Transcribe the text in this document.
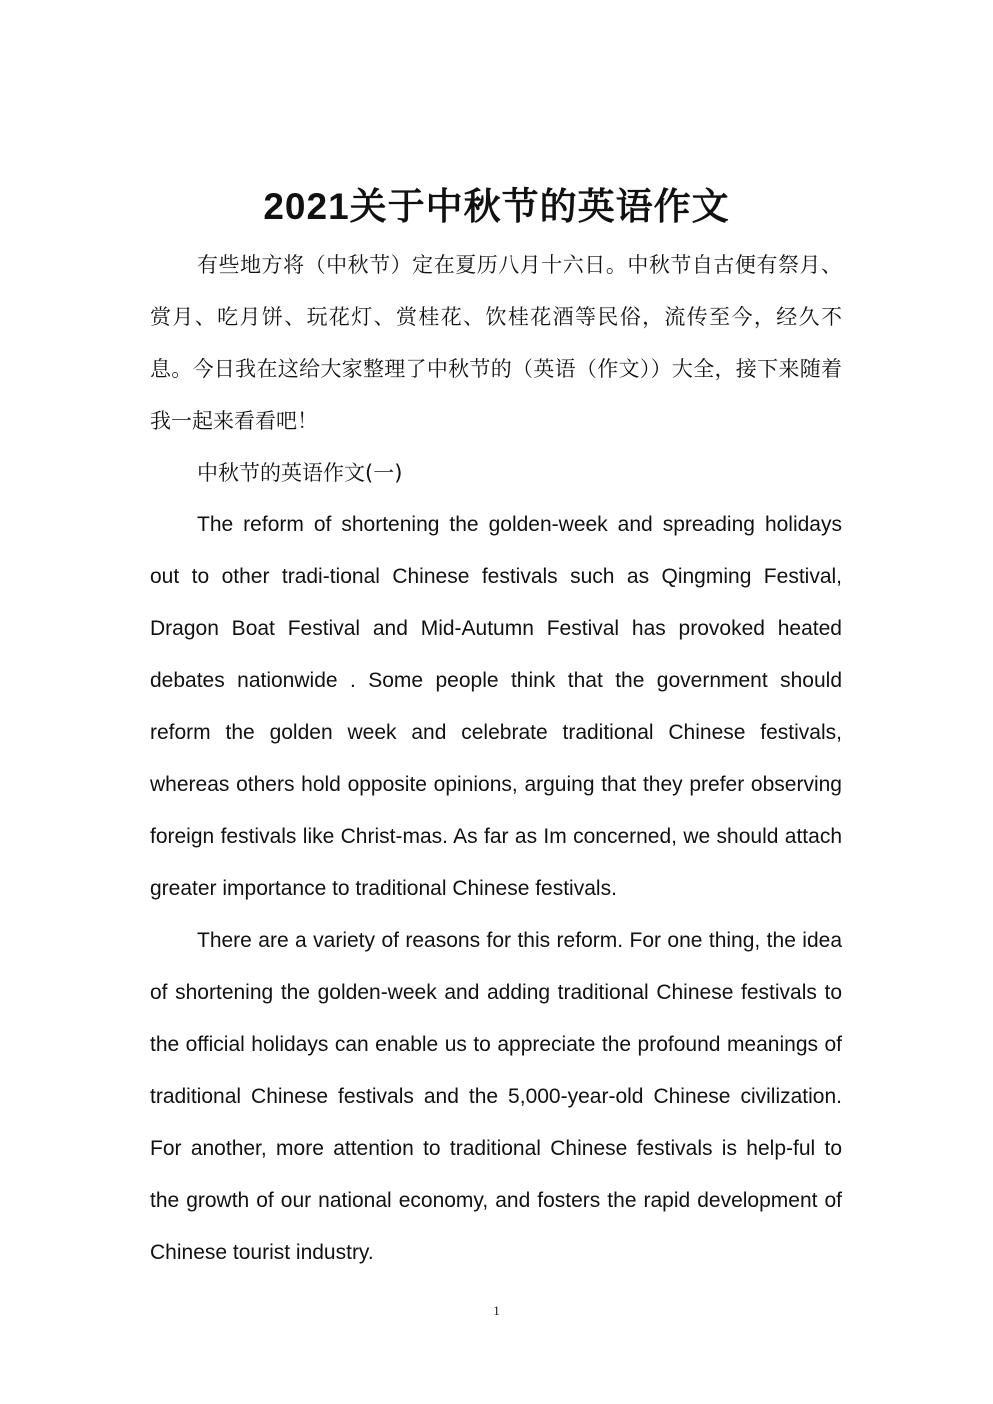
2021关于中秋节的英语作文

有些地方将（中秋节）定在夏历八月十六日。中秋节自古便有祭月、赏月、吃月饼、玩花灯、赏桂花、饮桂花酒等民俗，流传至今，经久不息。今日我在这给大家整理了中秋节的（英语（作文））大全，接下来随着我一起来看看吧！

中秋节的英语作文(一)

The reform of shortening the golden-week and spreading holidays out to other tradi-tional Chinese festivals such as Qingming Festival, Dragon Boat Festival and Mid-Autumn Festival has provoked heated debates nationwide . Some people think that the government should reform the golden week and celebrate traditional Chinese festivals, whereas others hold opposite opinions, arguing that they prefer observing foreign festivals like Christ-mas. As far as Im concerned, we should attach greater importance to traditional Chinese festivals.

There are a variety of reasons for this reform. For one thing, the idea of shortening the golden-week and adding traditional Chinese festivals to the official holidays can enable us to appreciate the profound meanings of traditional Chinese festivals and the 5,000-year-old Chinese civilization. For another, more attention to traditional Chinese festivals is help-ful to the growth of our national economy, and fosters the rapid development of Chinese tourist industry.

1
